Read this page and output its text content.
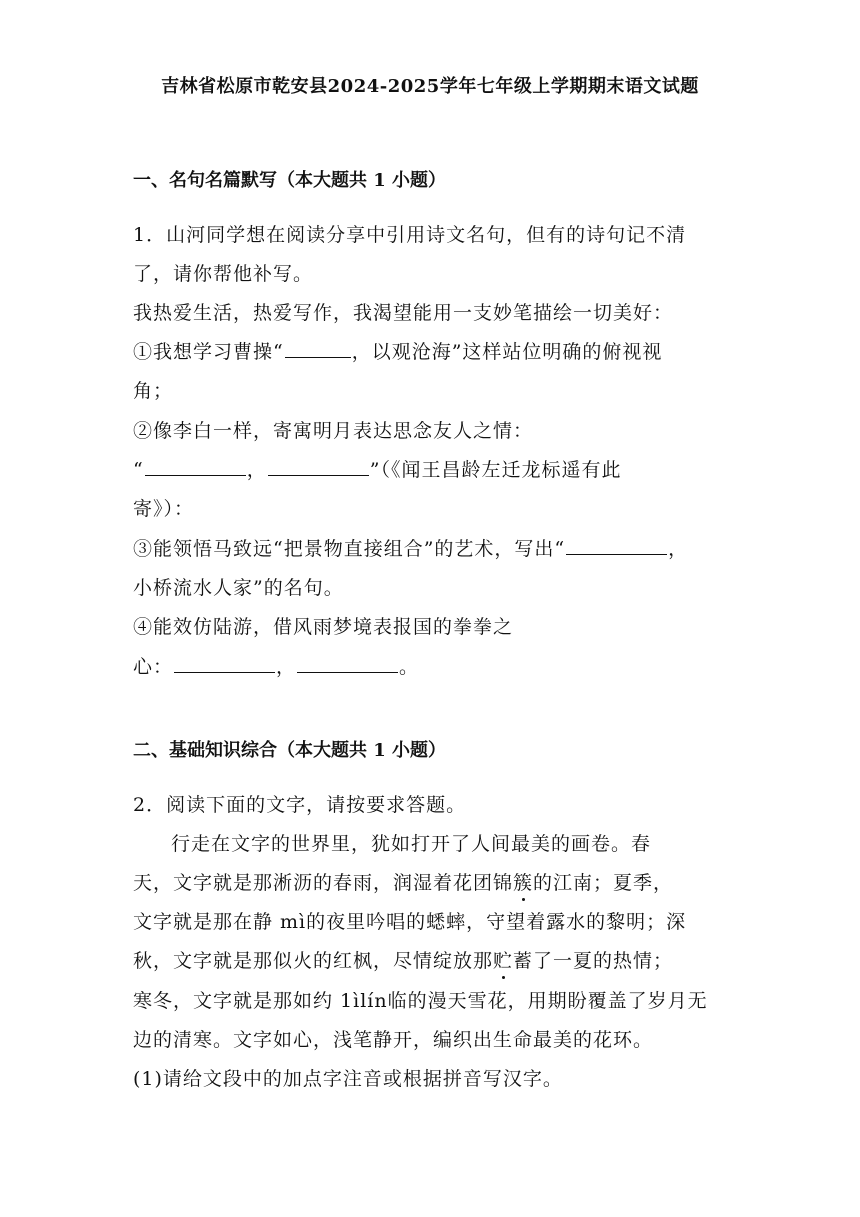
吉林省松原市乾安县2024-2025学年七年级上学期期末语文试题
一、名句名篇默写（本大题共 1 小题）
1．山河同学想在阅读分享中引用诗文名句，但有的诗句记不清
了，请你帮他补写。
我热爱生活，热爱写作，我渴望能用一支妙笔描绘一切美好：
①我想学习曹操“	，以观沧海”这样站位明确的俯视视
角；
②像李白一样，寄寓明月表达思念友人之情：
“	，	”（《闻王昌龄左迁龙标遥有此
寄》）：
③能领悟马致远“把景物直接组合”的艺术，写出“	，
小桥流水人家”的名句。
④能效仿陆游，借风雨梦境表报国的拳拳之
心：	，	。
二、基础知识综合（本大题共 1 小题）
2．阅读下面的文字，请按要求答题。
行走在文字的世界里，犹如打开了人间最美的画卷。春
天，文字就是那淅沥的春雨，润湿着花团锦簇的江南；夏季，
文字就是那在静 mì的夜里吟唱的蟋蟀，守望着露水的黎明；深
秋，文字就是那似火的红枫，尽情绽放那贮蓄了一夏的热情；
寒冬，文字就是那如约 1ìlín临的漫天雪花，用期盼覆盖了岁月无
边的清寒。文字如心，浅笔静开，编织出生命最美的花环。
(1)请给文段中的加点字注音或根据拼音写汉字。
